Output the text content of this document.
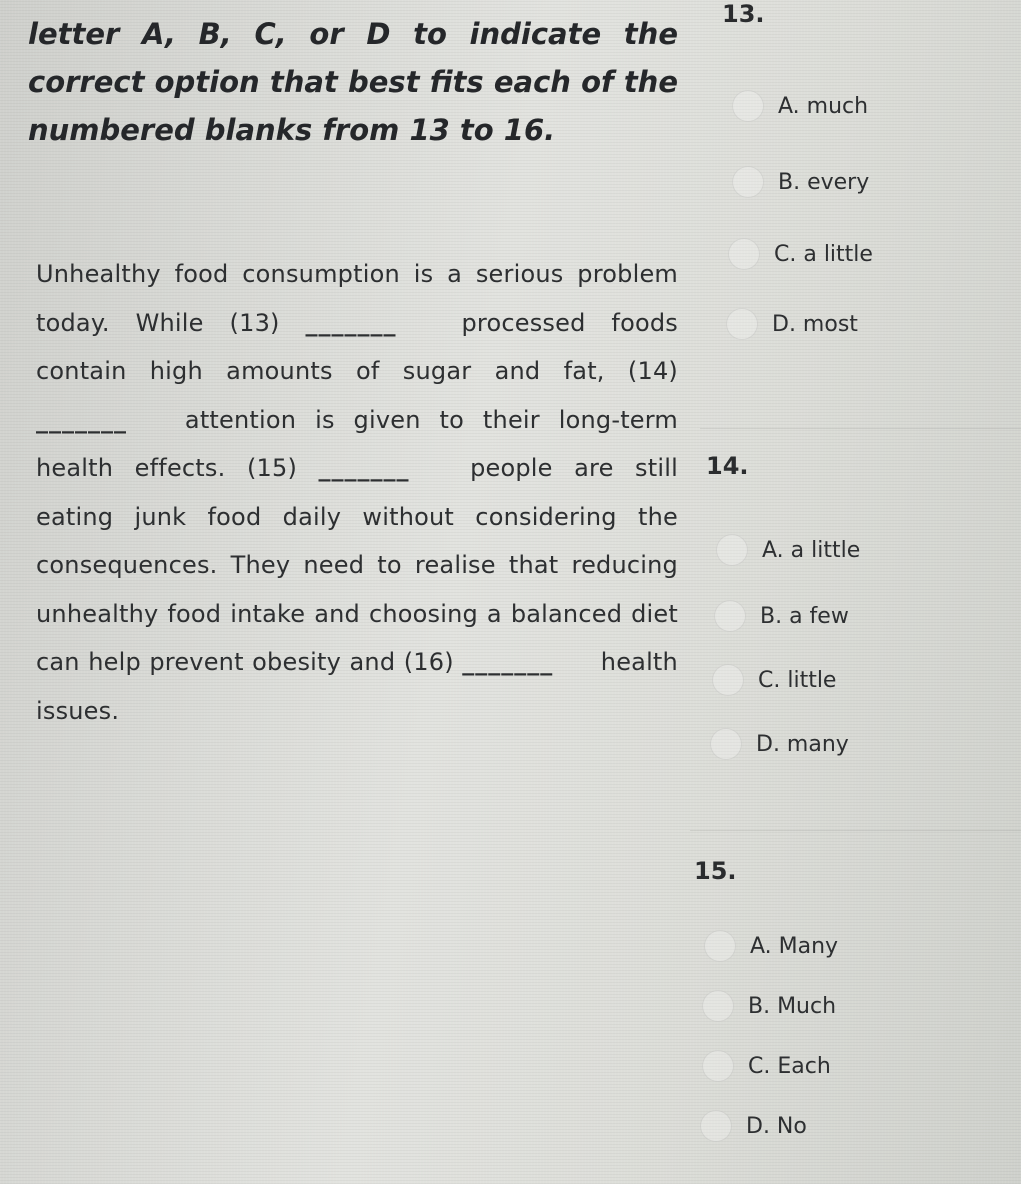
letter A, B, C, or D to indicate the correct option that best fits each of the numbered blanks from 13 to 16.

Unhealthy food consumption is a serious problem today. While (13) _______	processed foods contain high amounts of sugar and fat, (14) _______ attention is given to their long-term health effects. (15) _______	people are still eating junk food daily without considering the consequences. They need to realise that reducing unhealthy food intake and choosing a balanced diet can help prevent obesity and (16) _______ health issues.
13.
A. much
B. every
C. a little
D. most
14.
A. a little
B. a few
C. little
D. many
15.
A. Many
B. Much
C. Each
D. No
